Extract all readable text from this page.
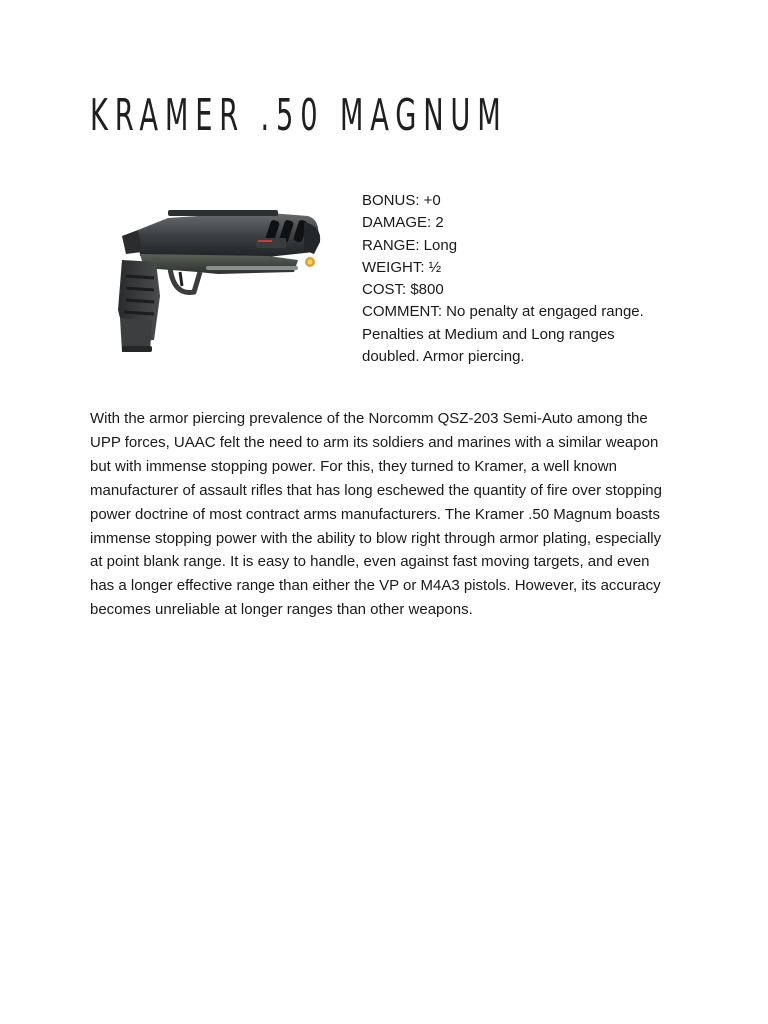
KRAMER .50 MAGNUM
BONUS: +0
DAMAGE: 2
RANGE: Long
WEIGHT: ½
COST: $800
COMMENT: No penalty at engaged range. Penalties at Medium and Long ranges doubled. Armor piercing.

With the armor piercing prevalence of the Norcomm QSZ-203 Semi-Auto among the UPP forces, UAAC felt the need to arm its soldiers and marines with a similar weapon but with immense stopping power. For this, they turned to Kramer, a well known manufacturer of assault rifles that has long eschewed the quantity of fire over stopping power doctrine of most contract arms manufacturers. The Kramer .50 Magnum boasts immense stopping power with the ability to blow right through armor plating, especially at point blank range. It is easy to handle, even against fast moving targets, and even has a longer effective range than either the VP or M4A3 pistols. However, its accuracy becomes unreliable at longer ranges than other weapons.
